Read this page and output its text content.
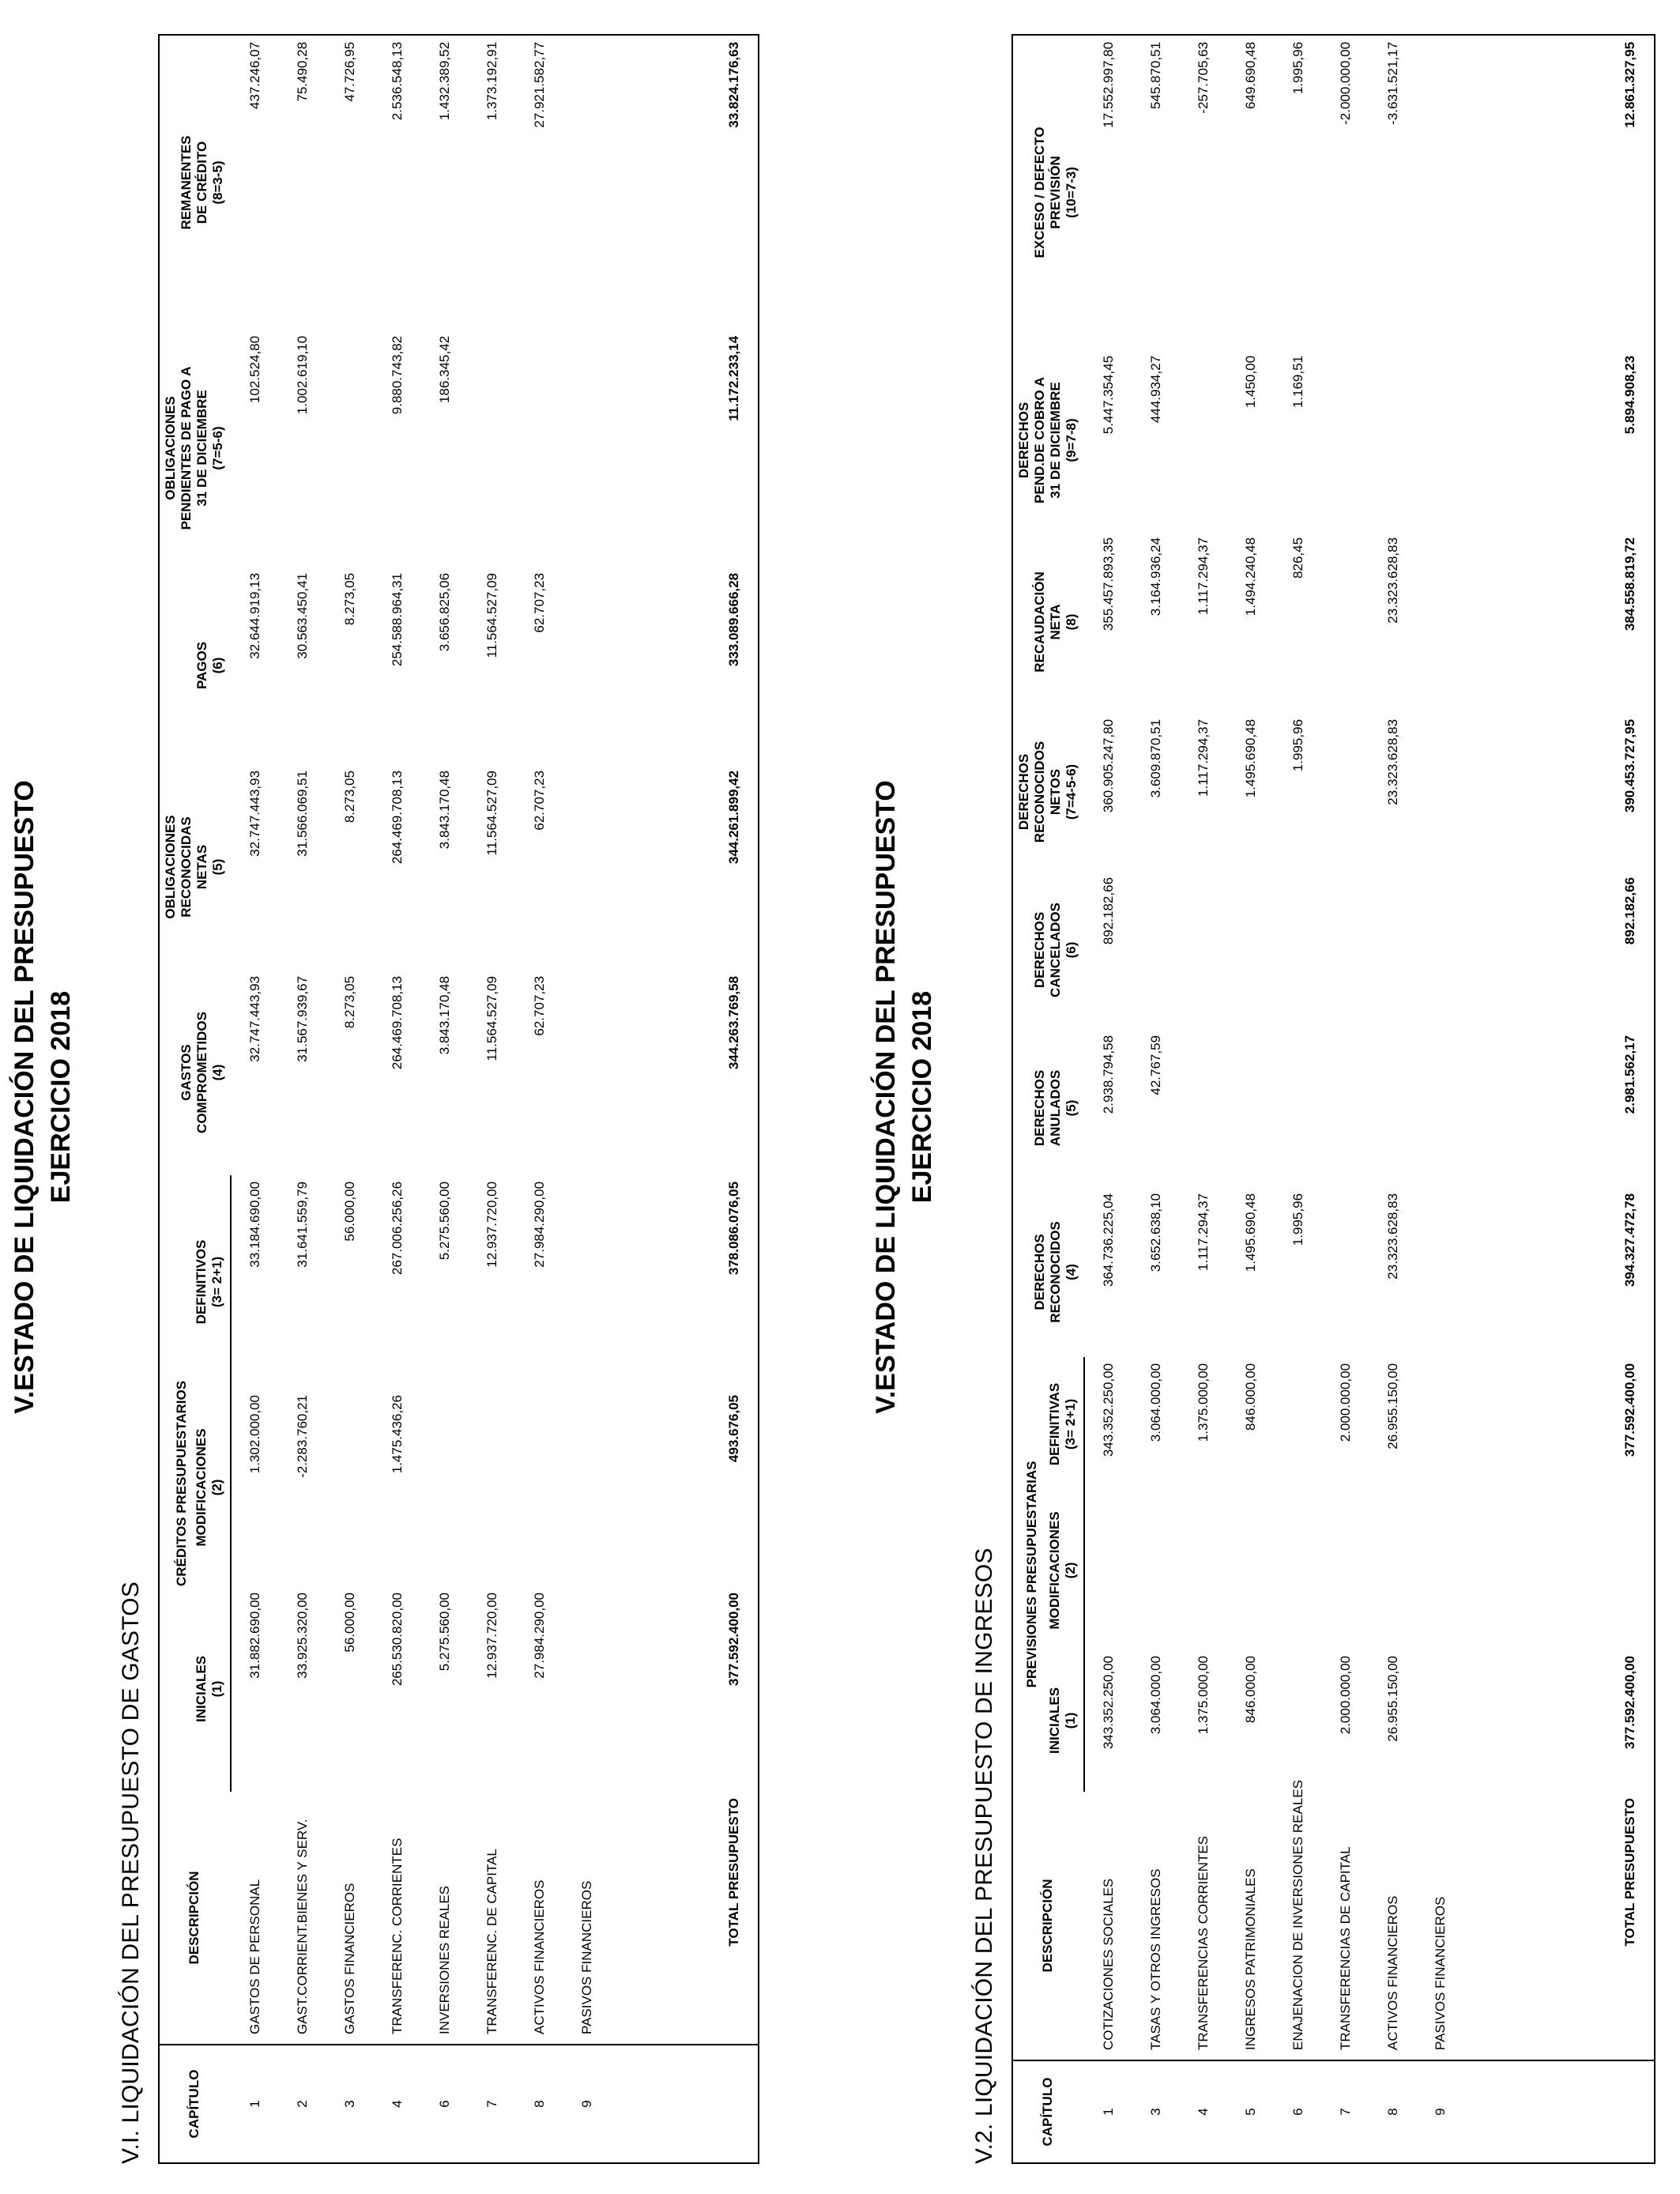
V.ESTADO DE LIQUIDACIÓN DEL PRESUPUESTO EJERCICIO 2018
V.I. LIQUIDACIÓN DEL PRESUPUESTO DE GASTOS	CAPÍTULO	DESCRIPCIÓN	CRÉDITOS PRESUPUESTARIOS			GASTOS
COMPROMETIDOS
(4)	OBLIGACIONES
RECONOCIDAS
NETAS
(5)	PAGOS
(6)	OBLIGACIONES
PENDIENTES DE PAGO A
31 DE DICIEMBRE
(7=5-6)	REMANENTES
DE CRÉDITO
(8=3-5)
		INICIALES
(1)	MODIFICACIONES
(2)	DEFINITIVOS
(3= 2+1)					
1	GASTOS DE PERSONAL	31.882.690,00	1.302.000,00	33.184.690,00	32.747.443,93	32.747.443,93	32.644.919,13	102.524,80	437.246,07
2	GAST.CORRIENT.BIENES Y SERV.	33.925.320,00	-2.283.760,21	31.641.559,79	31.567.939,67	31.566.069,51	30.563.450,41	1.002.619,10	75.490,28
3	GASTOS FINANCIEROS	56.000,00		56.000,00	8.273,05	8.273,05	8.273,05		47.726,95
4	TRANSFERENC. CORRIENTES	265.530.820,00	1.475.436,26	267.006.256,26	264.469.708,13	264.469.708,13	254.588.964,31	9.880.743,82	2.536.548,13
6	INVERSIONES REALES	5.275.560,00		5.275.560,00	3.843.170,48	3.843.170,48	3.656.825,06	186.345,42	1.432.389,52
7	TRANSFERENC. DE CAPITAL	12.937.720,00		12.937.720,00	11.564.527,09	11.564.527,09	11.564.527,09		1.373.192,91
8	ACTIVOS FINANCIEROS	27.984.290,00		27.984.290,00	62.707,23	62.707,23	62.707,23		27.921.582,77
9	PASIVOS FINANCIEROS								

	TOTAL PRESUPUESTO	377.592.400,00	493.676,05	378.086.076,05	344.263.769,58	344.261.899,42	333.089.666,28	11.172.233,14	33.824.176,63
V.ESTADO DE LIQUIDACIÓN DEL PRESUPUESTO EJERCICIO 2018
V.2. LIQUIDACIÓN DEL PRESUPUESTO DE INGRESOS	CAPÍTULO	DESCRIPCIÓN	PREVISIONES PRESUPUESTARIAS			DERECHOS
RECONOCIDOS
(4)	DERECHOS
ANULADOS
(5)	DERECHOS
CANCELADOS
(6)	DERECHOS
RECONOCIDOS
NETOS
(7=4-5-6)	RECAUDACIÓN
NETA
(8)	DERECHOS
PEND.DE COBRO A
31 DE DICIEMBRE
(9=7-8)	EXCESO / DEFECTO
PREVISIÓN
(10=7-3)
		INICIALES
(1)	MODIFICACIONES
(2)	DEFINITIVAS
(3= 2+1)							
1	COTIZACIONES SOCIALES	343.352.250,00		343.352.250,00	364.736.225,04	2.938.794,58	892.182,66	360.905.247,80	355.457.893,35	5.447.354,45	17.552.997,80
3	TASAS Y OTROS INGRESOS	3.064.000,00		3.064.000,00	3.652.638,10	42.767,59		3.609.870,51	3.164.936,24	444.934,27	545.870,51
4	TRANSFERENCIAS CORRIENTES	1.375.000,00		1.375.000,00	1.117.294,37			1.117.294,37	1.117.294,37		-257.705,63
5	INGRESOS PATRIMONIALES	846.000,00		846.000,00	1.495.690,48			1.495.690,48	1.494.240,48	1.450,00	649.690,48
6	ENAJENACION DE INVERSIONES REALES				1.995,96			1.995,96	826,45	1.169,51	1.995,96
7	TRANSFERENCIAS DE CAPITAL	2.000.000,00		2.000.000,00							-2.000.000,00
8	ACTIVOS FINANCIEROS	26.955.150,00		26.955.150,00	23.323.628,83			23.323.628,83	23.323.628,83		-3.631.521,17
9	PASIVOS FINANCIEROS										

	TOTAL PRESUPUESTO	377.592.400,00		377.592.400,00	394.327.472,78	2.981.562,17	892.182,66	390.453.727,95	384.558.819,72	5.894.908,23	12.861.327,95
